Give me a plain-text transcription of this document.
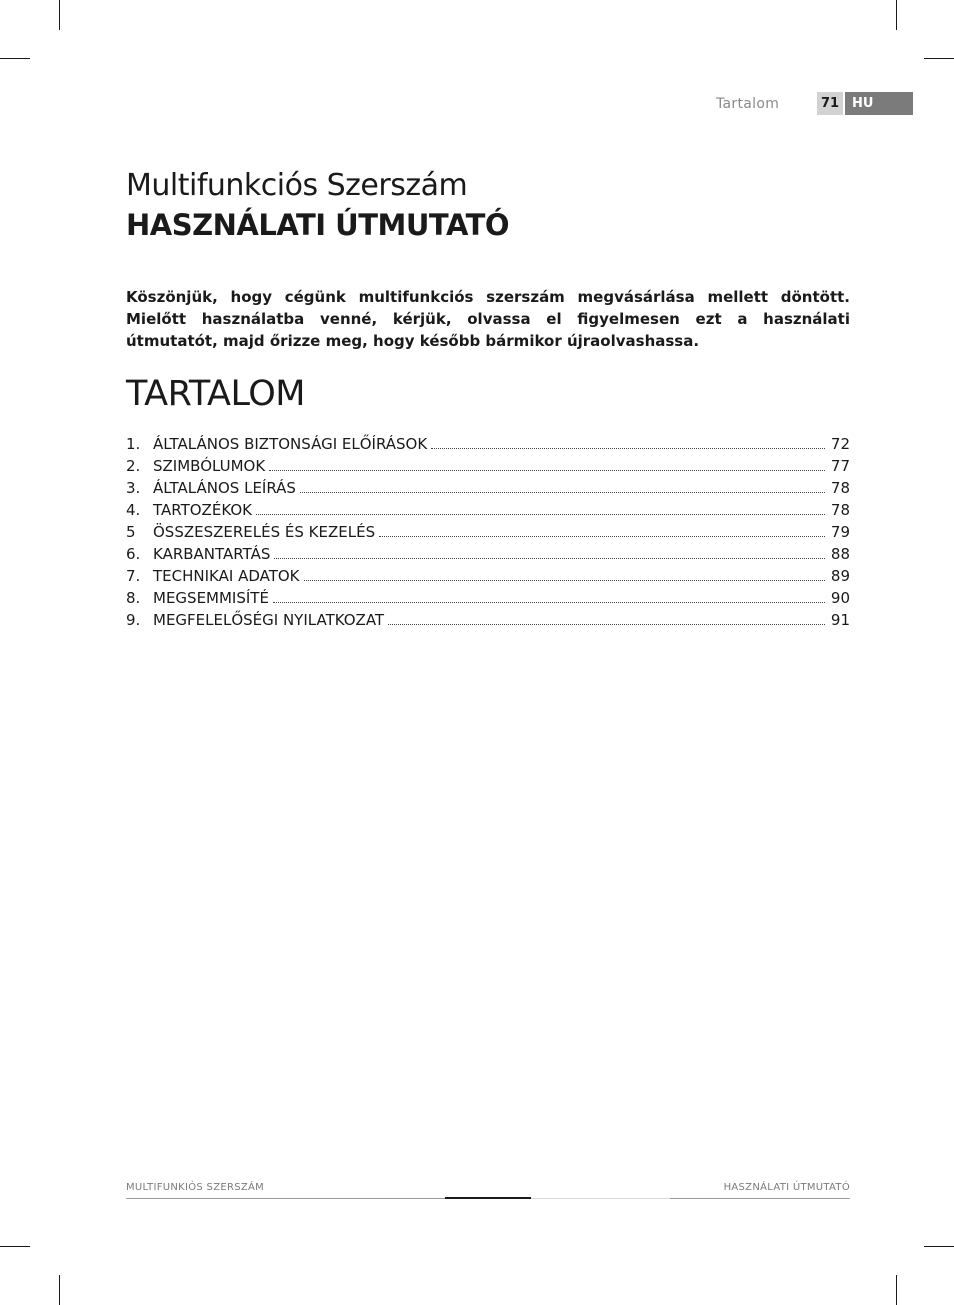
Tartalom	71 HU
Multifunkciós Szerszám
HASZNÁLATI ÚTMUTATÓ

Köszönjük, hogy cégünk multifunkciós szerszám megvásárlása mellett döntött. Mielőtt használatba venné, kérjük, olvassa el figyelmesen ezt a használati útmutatót, majd őrizze meg, hogy később bármikor újraolvashassa.

TARTALOM
1. ÁLTALÁNOS BIZTONSÁGI ELŐÍRÁSOK	72
2. SZIMBÓLUMOK	77
3. ÁLTALÁNOS LEÍRÁS	78
4. TARTOZÉKOK	78
5	ÖSSZESZERELÉS ÉS KEZELÉS	79
6. KARBANTARTÁS	88
7. TECHNIKAI ADATOK	89
8. MEGSEMMISÍTÉ	90
9. MEGFELELŐSÉGI NYILATKOZAT	91
MULTIFUNKIÓS SZERSZÁM	HASZNÁLATI ÚTMUTATÓ
